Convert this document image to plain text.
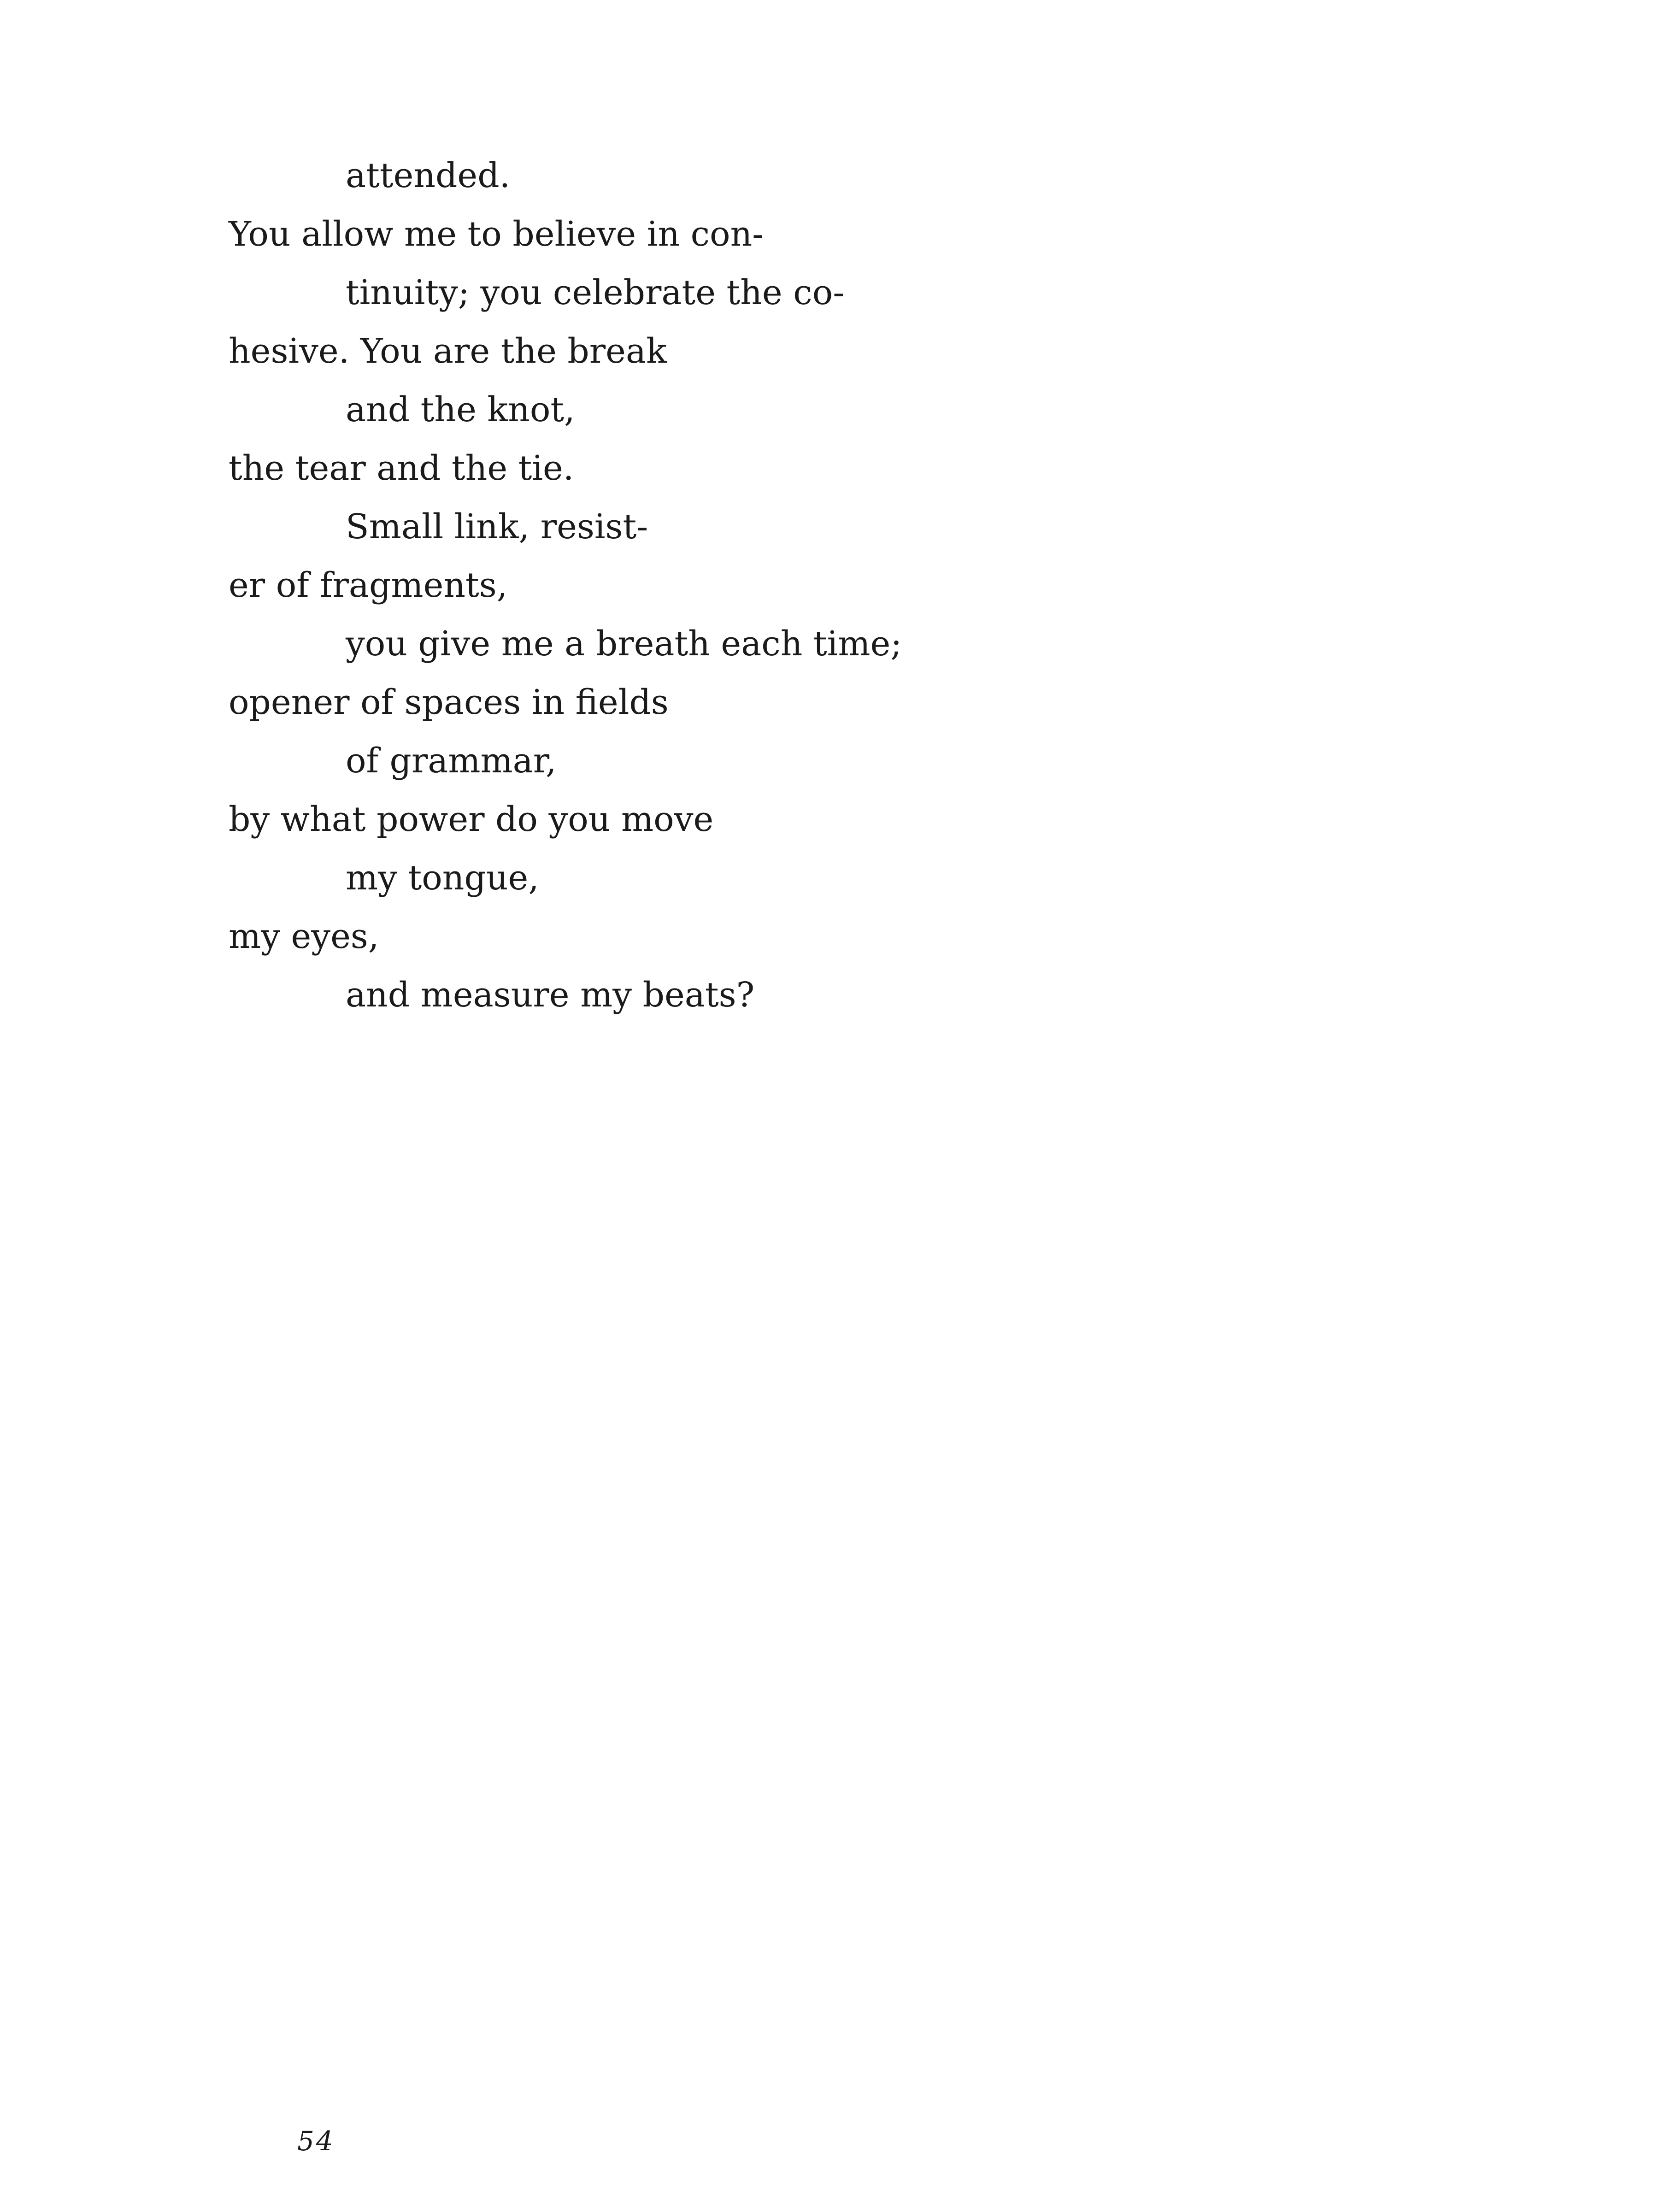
attended.
You allow me to believe in con-
tinuity; you celebrate the co-
hesive. You are the break
and the knot,
the tear and the tie.
Small link, resist-
er of fragments,
you give me a breath each time;
opener of spaces in fields
of grammar,
by what power do you move
my tongue,
my eyes,
and measure my beats?
54
